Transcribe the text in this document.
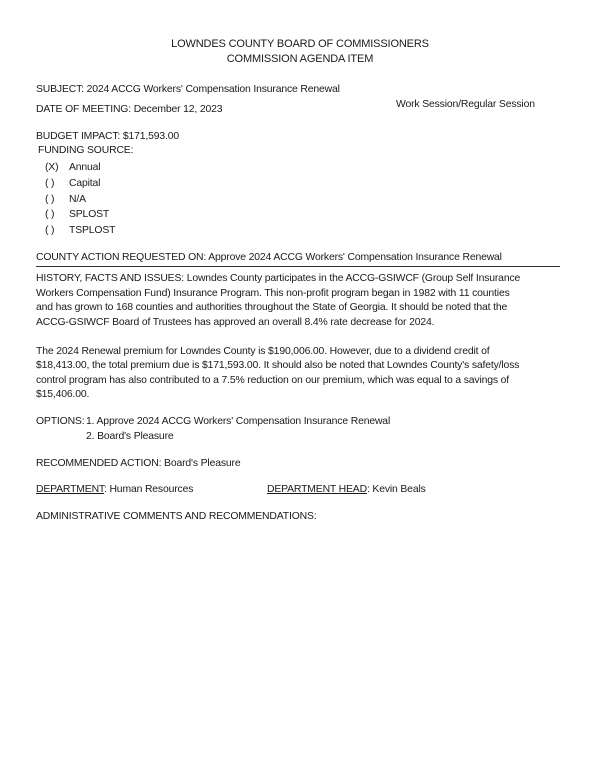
LOWNDES COUNTY BOARD OF COMMISSIONERS
COMMISSION AGENDA ITEM
SUBJECT: 2024 ACCG Workers' Compensation Insurance Renewal
DATE OF MEETING: December 12, 2023	Work Session/Regular Session
BUDGET IMPACT: $171,593.00
FUNDING SOURCE:
(X) Annual
( ) Capital
( ) N/A
( ) SPLOST
( ) TSPLOST
COUNTY ACTION REQUESTED ON: Approve 2024 ACCG Workers' Compensation Insurance Renewal
HISTORY, FACTS AND ISSUES: Lowndes County participates in the ACCG-GSIWCF (Group Self Insurance
Workers Compensation Fund) Insurance Program. This non-profit program began in 1982 with 11 counties
and has grown to 168 counties and authorities throughout the State of Georgia. It should be noted that the
ACCG-GSIWCF Board of Trustees has approved an overall 8.4% rate decrease for 2024.
The 2024 Renewal premium for Lowndes County is $190,006.00. However, due to a dividend credit of
$18,413.00, the total premium due is $171,593.00. It should also be noted that Lowndes County's safety/loss
control program has also contributed to a 7.5% reduction on our premium, which was equal to a savings of
$15,406.00.
OPTIONS: 1. Approve 2024 ACCG Workers' Compensation Insurance Renewal
2. Board's Pleasure
RECOMMENDED ACTION: Board's Pleasure
DEPARTMENT: Human Resources	DEPARTMENT HEAD: Kevin Beals
ADMINISTRATIVE COMMENTS AND RECOMMENDATIONS:
